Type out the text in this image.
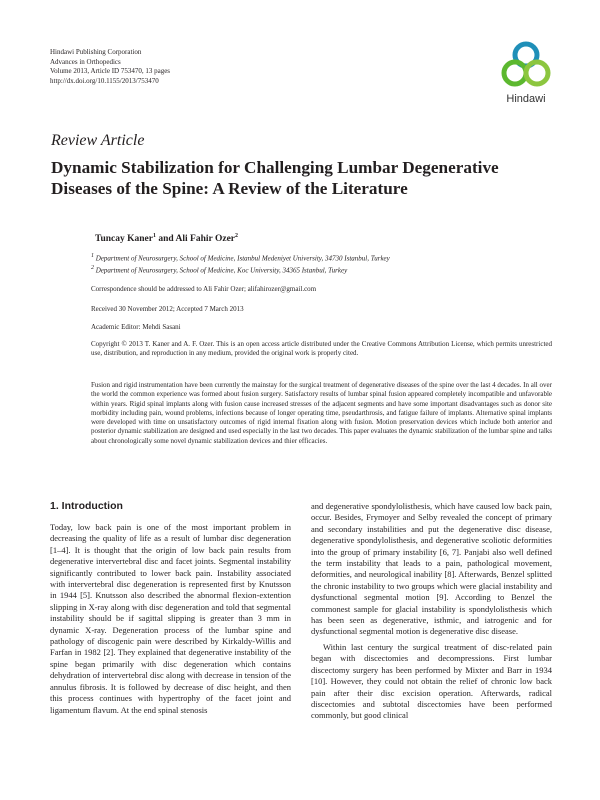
Hindawi Publishing Corporation
Advances in Orthopedics
Volume 2013, Article ID 753470, 13 pages
http://dx.doi.org/10.1155/2013/753470
Hindawi
Review Article
Dynamic Stabilization for Challenging Lumbar Degenerative Diseases of the Spine: A Review of the Literature
Tuncay Kaner$^1$ and Ali Fahir Ozer$^2$
$^1$ Department of Neurosurgery, School of Medicine, Istanbul Medeniyet University, 34730 Istanbul, Turkey
$^2$ Department of Neurosurgery, School of Medicine, Koc University, 34365 Istanbul, Turkey
Correspondence should be addressed to Ali Fahir Ozer; alifahirozer@gmail.com
Received 30 November 2012; Accepted 7 March 2013
Academic Editor: Mehdi Sasani
Copyright © 2013 T. Kaner and A. F. Ozer. This is an open access article distributed under the Creative Commons Attribution License, which permits unrestricted use, distribution, and reproduction in any medium, provided the original work is properly cited.
Fusion and rigid instrumentation have been currently the mainstay for the surgical treatment of degenerative diseases of the spine over the last 4 decades. In all over the world the common experience was formed about fusion surgery. Satisfactory results of lumbar spinal fusion appeared completely incompatible and unfavorable within years. Rigid spinal implants along with fusion cause increased stresses of the adjacent segments and have some important disadvantages such as donor site morbidity including pain, wound problems, infections because of longer operating time, pseudarthrosis, and fatigue failure of implants. Alternative spinal implants were developed with time on unsatisfactory outcomes of rigid internal fixation along with fusion. Motion preservation devices which include both anterior and posterior dynamic stabilization are designed and used especially in the last two decades. This paper evaluates the dynamic stabilization of the lumbar spine and talks about chronologically some novel dynamic stabilization devices and thier efficacies.
1. Introduction

Today, low back pain is one of the most important problem in decreasing the quality of life as a result of lumbar disc degeneration [1–4]. It is thought that the origin of low back pain results from degenerative intervertebral disc and facet joints. Segmental instability significantly contributed to lower back pain. Instability associated with intervertebral disc degeneration is represented first by Knutsson in 1944 [5]. Knutsson also described the abnormal flexion-extention slipping in X-ray along with disc degeneration and told that segmental instability should be if sagittal slipping is greater than 3 mm in dynamic X-ray. Degeneration process of the lumbar spine and pathology of discogenic pain were described by Kirkaldy-Willis and Farfan in 1982 [2]. They explained that degenerative instability of the spine began primarily with disc degeneration which contains dehydration of intervertebral disc along with decrease in tension of the annulus fibrosis. It is followed by decrease of disc height, and then this process continues with hypertrophy of the facet joint and ligamentum flavum. At the end spinal stenosis

and degenerative spondylolisthesis, which have caused low back pain, occur. Besides, Frymoyer and Selby revealed the concept of primary and secondary instabilities and put the degenerative disc disease, degenerative spondylolisthesis, and degenerative scoliotic deformities into the group of primary instability [6, 7]. Panjabi also well defined the term instability that leads to a pain, pathological movement, deformities, and neurological inability [8]. Afterwards, Benzel splitted the chronic instability to two groups which were glacial instability and dysfunctional segmental motion [9]. According to Benzel the commonest sample for glacial instability is spondylolisthesis which has been seen as degenerative, isthmic, and iatrogenic and for dysfunctional segmental motion is degenerative disc disease.

Within last century the surgical treatment of disc-related pain began with discectomies and decompressions. First lumbar discectomy surgery has been performed by Mixter and Barr in 1934 [10]. However, they could not obtain the relief of chronic low back pain after their disc excision operation. Afterwards, radical discectomies and subtotal discectomies have been performed commonly, but good clinical
